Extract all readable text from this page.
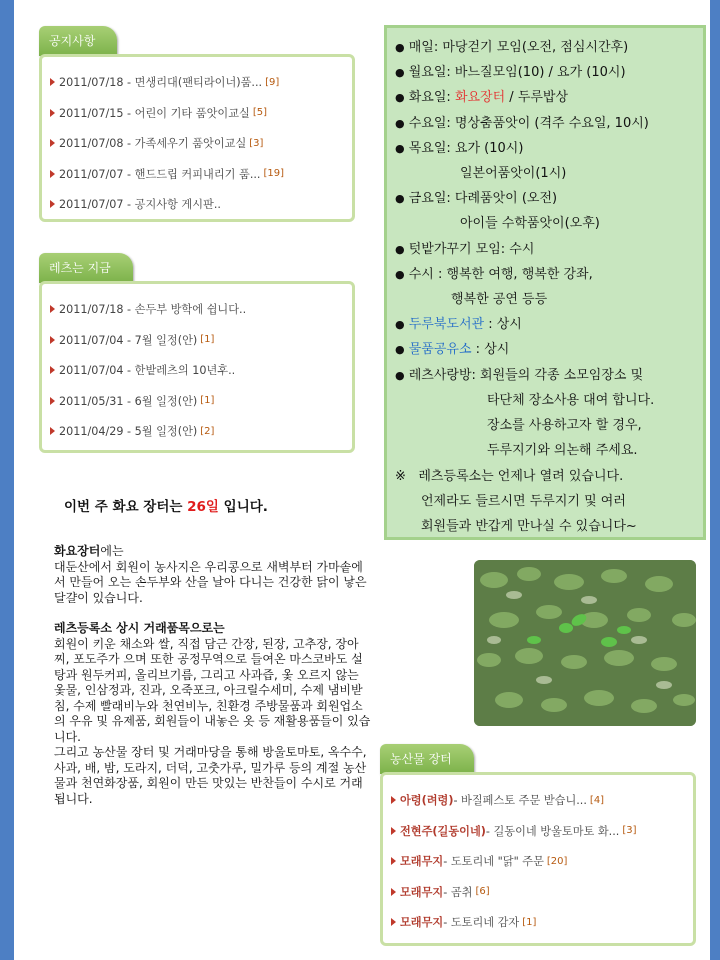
공지사항
2011/07/18 - 면생리대(팬티라이너)품... [9]
2011/07/15 - 어린이 기타 품앗이교실 [5]
2011/07/08 - 가족세우기 품앗이교실 [3]
2011/07/07 - 핸드드립 커피내리기 품... [19]
2011/07/07 - 공지사항 게시판..
레츠는 지금
2011/07/18 - 손두부 방학에 쉽니다..
2011/07/04 - 7월 일정(안) [1]
2011/07/04 - 한밭레츠의 10년후..
2011/05/31 - 6월 일정(안) [1]
2011/04/29 - 5월 일정(안) [2]
● 매일: 마당걷기 모임(오전, 점심시간후)
● 월요일: 바느질모임(10) / 요가 (10시)
● 화요일: 화요장터 / 두루밥상
● 수요일: 명상춤품앗이 (격주 수요일, 10시)
● 목요일: 요가 (10시)
일본어품앗이(1시)
● 금요일: 다례품앗이 (오전)
아이들 수학품앗이(오후)
● 텃밭가꾸기 모임: 수시
● 수시 : 행복한 여행, 행복한 강좌,
행복한 공연 등등
● 두루북도서관 : 상시
● 물품공유소 : 상시
● 레츠사랑방: 회원들의 각종 소모임장소 및
타단체 장소사용 대여 합니다.
장소를 사용하고자 할 경우,
두루지기와 의논해 주세요.
※ 레츠등록소는 언제나 열려 있습니다.
언제라도 들르시면 두루지기 및 여러
회원들과 반갑게 만나실 수 있습니다~
이번 주 화요 장터는 26일 입니다.
화요장터에는
대둔산에서 회원이 농사지은 우리콩으로 새벽부터 가마솥에서 만들어 오는 손두부와 산을 날아 다니는 건강한 닭이 낳은 달걀이 있습니다.
레츠등록소 상시 거래품목으로는
회원이 키운 채소와 쌀, 직접 담근 간장, 된장, 고추장, 장아찌, 포도주가 으며 또한 공정무역으로 들여온 마스코바도 설탕과 원두커피, 올리브기름, 그리고 사과즙, 옻 오르지 않는 옻물, 인삼정과, 진과, 오죽포크, 아크릴수세미, 수제 냄비받침, 수제 빨래비누와 천연비누, 친환경 주방물품과 회원업소의 우유 및 유제품, 회원들이 내놓은 옷 등 재활용품들이 있습니다.
그리고 농산물 장터 및 거래마당을 통해 방울토마토, 옥수수, 사과, 배, 밤, 도라지, 더덕, 고춧가루, 밀가루 등의 계절 농산물과 천연화장품, 회원이 만든 맛있는 반찬들이 수시로 거래됩니다.
농산물 장터
아령(려령) - 바질페스토 주문 받습니... [4]
전현주(길동이네) - 길동이네 방울토마토 화... [3]
모래무지 - 도토리네 "닭" 주문 [20]
모래무지 - 곰취 [6]
모래무지 - 도토리네 감자 [1]
